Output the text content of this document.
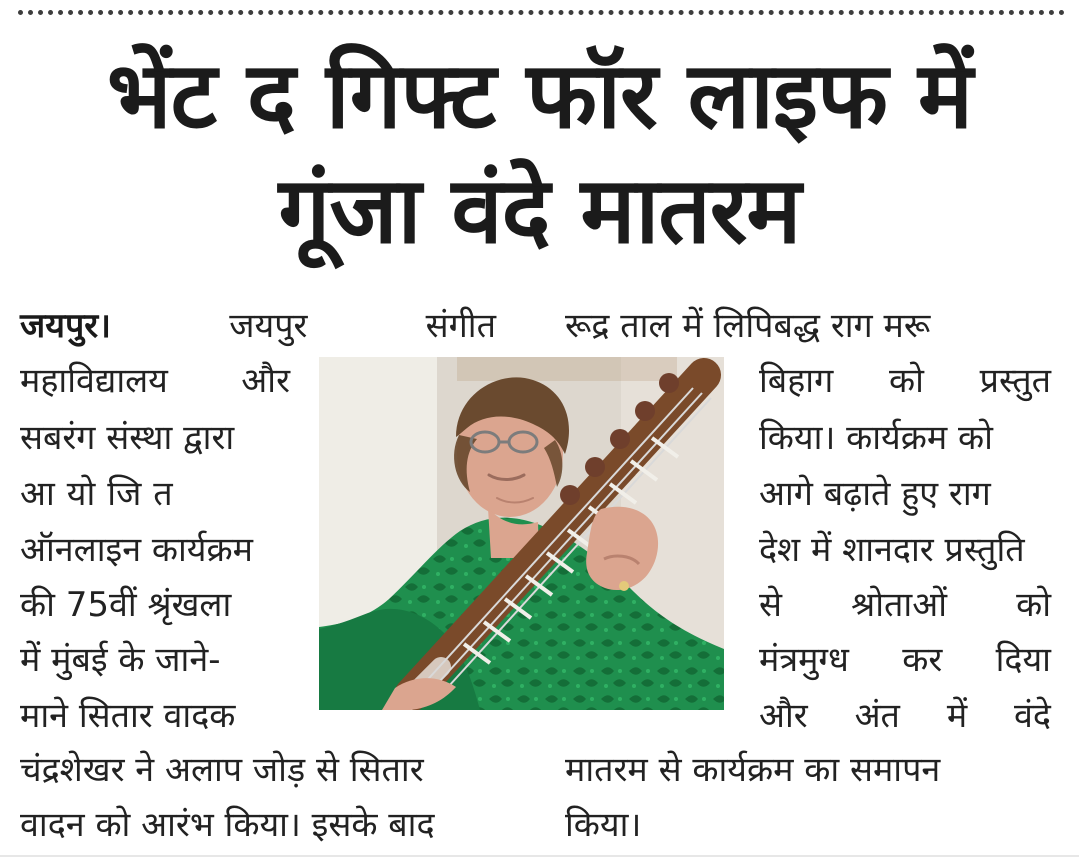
भेंट द गिफ्ट फॉर लाइफ में
गूंजा वंदे मातरम
जयपुर।	जयपुर	संगीत
महाविद्यालय और
सबरंग संस्था द्वारा
आयोजित
ऑनलाइन कार्यक्रम
की 75वीं श्रृंखला
में मुंबई के जाने-
माने सितार वादक
चंद्रशेखर ने अलाप जोड़ से सितार
वादन को आरंभ किया। इसके बाद
रूद्र ताल में लिपिबद्ध राग मरू
बिहाग को प्रस्तुत
किया। कार्यक्रम को
आगे बढ़ाते हुए राग
देश में शानदार प्रस्तुति
से श्रोताओं को
मंत्रमुग्ध कर दिया
और अंत में वंदे
मातरम से कार्यक्रम का समापन
किया।
